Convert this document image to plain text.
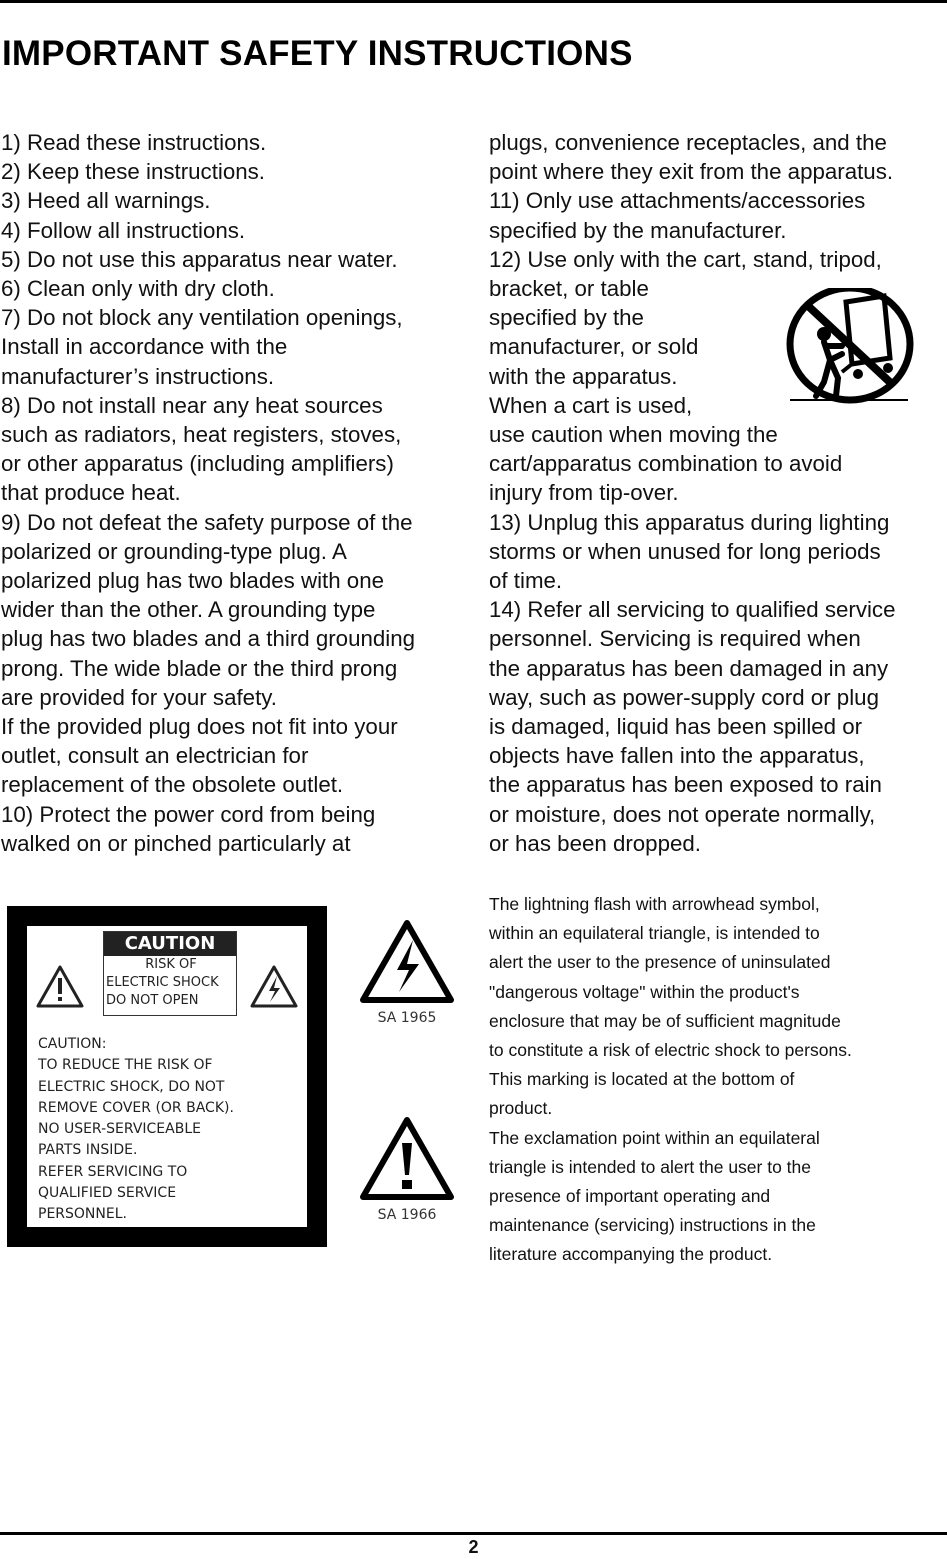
IMPORTANT SAFETY INSTRUCTIONS
1) Read these instructions.
2) Keep these instructions.
3) Heed all warnings.
4) Follow all instructions.
5) Do not use this apparatus near water.
6) Clean only with dry cloth.
7) Do not block any ventilation openings,
Install in accordance with the
manufacturer’s instructions.
8) Do not install near any heat sources
such as radiators, heat registers, stoves,
or other apparatus (including amplifiers)
that produce heat.
9) Do not defeat the safety purpose of the
polarized or grounding-type plug. A
polarized plug has two blades with one
wider than the other. A grounding type
plug has two blades and a third grounding
prong. The wide blade or the third prong
are provided for your safety.
If the provided plug does not fit into your
outlet, consult an electrician for
replacement of the obsolete outlet.
10) Protect the power cord from being
walked on or pinched particularly at
plugs, convenience receptacles, and the
point where they exit from the apparatus.
11) Only use attachments/accessories
specified by the manufacturer.
12) Use only with the cart, stand, tripod,
bracket, or table
specified by the
manufacturer, or sold
with the apparatus.
When a cart is used,
use caution when moving the
cart/apparatus combination to avoid
injury from tip-over.
13) Unplug this apparatus during lighting
storms or when unused for long periods
of time.
14) Refer all servicing to qualified service
personnel. Servicing is required when
the apparatus has been damaged in any
way, such as power-supply cord or plug
is damaged, liquid has been spilled or
objects have fallen into the apparatus,
the apparatus has been exposed to rain
or moisture, does not operate normally,
or has been dropped.
CAUTION
RISK OF
ELECTRIC SHOCK
DO NOT OPEN
CAUTION:
TO REDUCE THE RISK OF
ELECTRIC SHOCK, DO NOT
REMOVE COVER (OR BACK).
NO USER-SERVICEABLE
PARTS INSIDE.
REFER SERVICING TO
QUALIFIED SERVICE
PERSONNEL.
SA 1965
SA 1966
The lightning flash with arrowhead symbol,
within an equilateral triangle, is intended to
alert the user to the presence of uninsulated
"dangerous voltage" within the product's
enclosure that may be of sufficient magnitude
to constitute a risk of electric shock to persons.
This marking is located at the bottom of
product.
The exclamation point within an equilateral
triangle is intended to alert the user to the
presence of important operating and
maintenance (servicing) instructions in the
literature accompanying the product.
2
